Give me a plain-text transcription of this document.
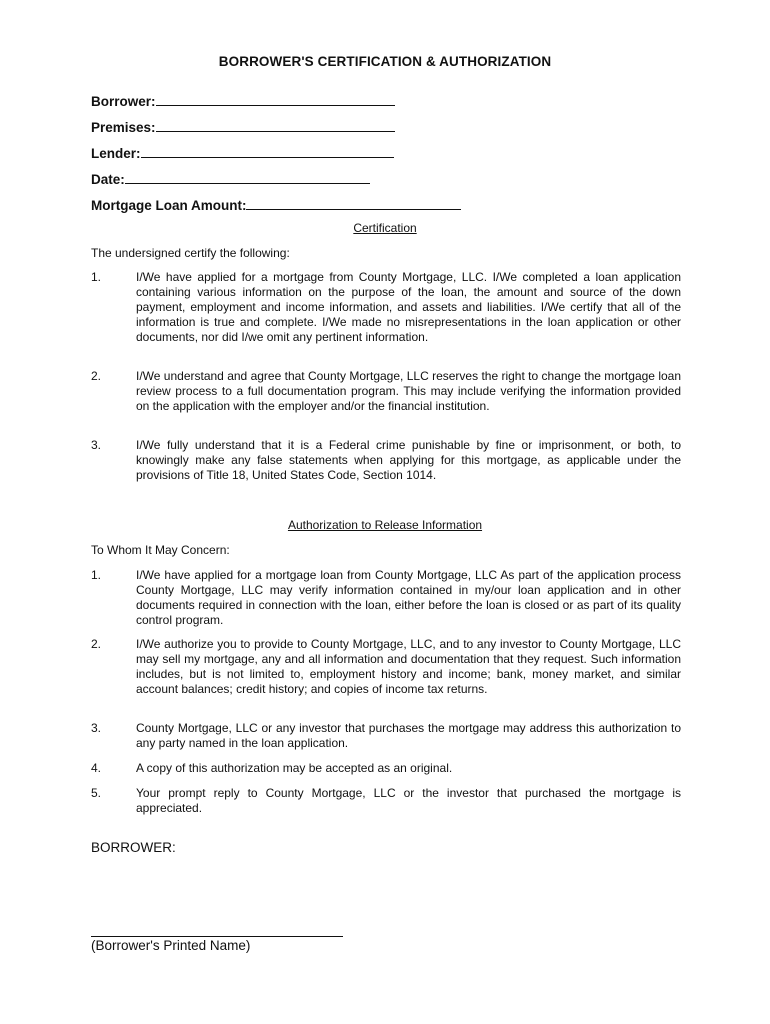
BORROWER'S CERTIFICATION & AUTHORIZATION
Borrower:
Premises:
Lender:
Date:
Mortgage Loan Amount:
Certification
The undersigned certify the following:
1.	I/We have applied for a mortgage from County Mortgage, LLC. I/We completed a loan application containing various information on the purpose of the loan, the amount and source of the down payment, employment and income information, and assets and liabilities. I/We certify that all of the information is true and complete. I/We made no misrepresentations in the loan application or other documents, nor did I/we omit any pertinent information.
2.	I/We understand and agree that County Mortgage, LLC reserves the right to change the mortgage loan review process to a full documentation program. This may include verifying the information provided on the application with the employer and/or the financial institution.
3.	I/We fully understand that it is a Federal crime punishable by fine or imprisonment, or both, to knowingly make any false statements when applying for this mortgage, as applicable under the provisions of Title 18, United States Code, Section 1014.
Authorization to Release Information
To Whom It May Concern:
1.	I/We have applied for a mortgage loan from County Mortgage, LLC As part of the application process County Mortgage, LLC may verify information contained in my/our loan application and in other documents required in connection with the loan, either before the loan is closed or as part of its quality control program.
2.	I/We authorize you to provide to County Mortgage, LLC, and to any investor to County Mortgage, LLC may sell my mortgage, any and all information and documentation that they request. Such information includes, but is not limited to, employment history and income; bank, money market, and similar account balances; credit history; and copies of income tax returns.
3.	County Mortgage, LLC or any investor that purchases the mortgage may address this authorization to any party named in the loan application.
4.	A copy of this authorization may be accepted as an original.
5.	Your prompt reply to County Mortgage, LLC or the investor that purchased the mortgage is appreciated.
BORROWER:
(Borrower's Printed Name)
